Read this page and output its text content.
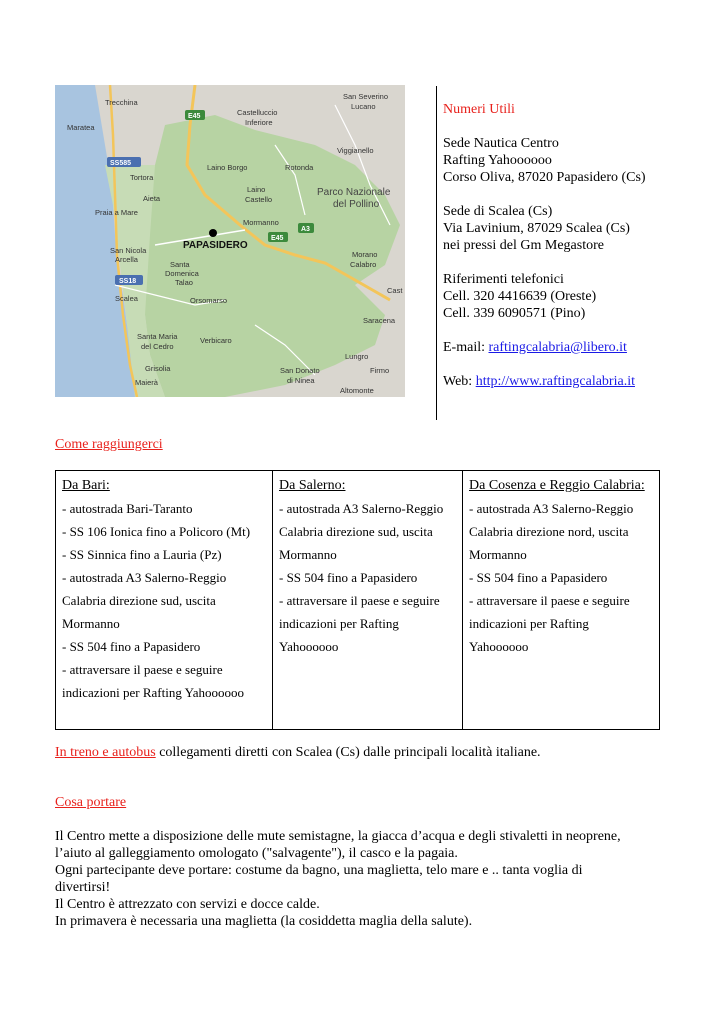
E45
E45
A3
SS585
SS18
Trecchina
Castelluccio
Inferiore
San Severino
Lucano
Maratea
Viggianello
Laino Borgo	Rotonda
Tortora
Laino
Castello
Parco Nazionale
del Pollino
Aieta
Praia a Mare
Mormanno
PAPASIDERO
San Nicola
Arcella
Santa
Domenica
Talao
Morano
Calabro
Scalea	Orsomarso
Cast
Saracena
Santa Maria
del Cedro
Verbicaro
Lungro
Grisolia	Firmo
San Donato
di Ninea
Maierà
Altomonte
Numeri Utili
Sede Nautica Centro
Rafting Yahoooooo
Corso Oliva, 87020 Papasidero (Cs)
Sede di Scalea (Cs)
Via Lavinium, 87029 Scalea (Cs)
nei pressi del Gm Megastore
Riferimenti telefonici
Cell. 320 4416639 (Oreste)
Cell. 339 6090571 (Pino)
E-mail: raftingcalabria@libero.it
Web: http://www.raftingcalabria.it
Come raggiungerci
Da Bari:
- autostrada Bari-Taranto
- SS 106 Ionica fino a Policoro (Mt)
- SS Sinnica fino a Lauria (Pz)
- autostrada A3 Salerno-Reggio
Calabria direzione sud, uscita
Mormanno
- SS 504 fino a Papasidero
- attraversare il paese e seguire
indicazioni per Rafting Yahoooooo
Da Salerno:
- autostrada A3 Salerno-Reggio
Calabria direzione sud, uscita
Mormanno
- SS 504 fino a Papasidero
- attraversare il paese e seguire
indicazioni per Rafting
Yahoooooo
Da Cosenza e Reggio Calabria:
- autostrada A3 Salerno-Reggio
Calabria direzione nord, uscita
Mormanno
- SS 504 fino a Papasidero
- attraversare il paese e seguire
indicazioni per Rafting
Yahoooooo
In treno e autobus collegamenti diretti con Scalea (Cs) dalle principali località italiane.
Cosa portare
Il Centro mette a disposizione delle mute semistagne, la giacca d’acqua e degli stivaletti in neoprene,
l’aiuto al galleggiamento omologato ("salvagente"), il casco e la pagaia.
Ogni partecipante deve portare: costume da bagno, una maglietta, telo mare e .. tanta voglia di
divertirsi!
Il Centro è attrezzato con servizi e docce calde.
In primavera è necessaria una maglietta (la cosiddetta maglia della salute).
